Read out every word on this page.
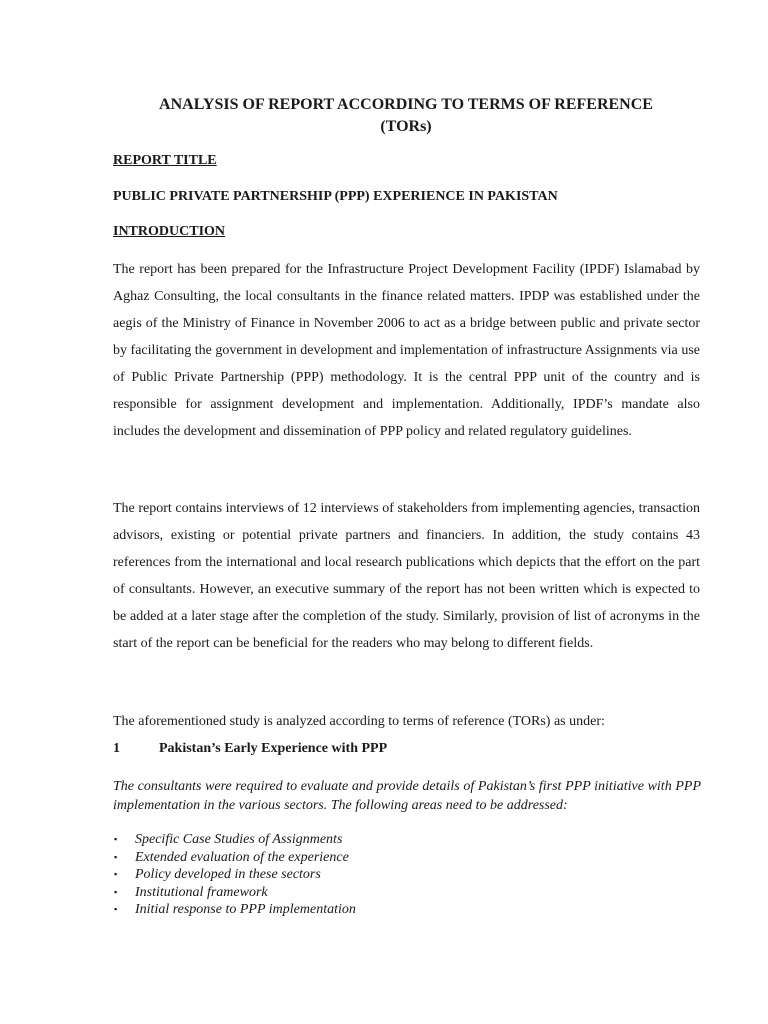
ANALYSIS OF REPORT ACCORDING TO TERMS OF REFERENCE
(TORs)

REPORT TITLE

PUBLIC PRIVATE PARTNERSHIP (PPP) EXPERIENCE IN PAKISTAN

INTRODUCTION

The report has been prepared for the Infrastructure Project Development Facility (IPDF) Islamabad by Aghaz Consulting, the local consultants in the finance related matters. IPDP was established under the aegis of the Ministry of Finance in November 2006 to act as a bridge between public and private sector by facilitating the government in development and implementation of infrastructure Assignments via use of Public Private Partnership (PPP) methodology. It is the central PPP unit of the country and is responsible for assignment development and implementation. Additionally, IPDF’s mandate also includes the development and dissemination of PPP policy and related regulatory guidelines.

The report contains interviews of 12 interviews of stakeholders from implementing agencies, transaction advisors, existing or potential private partners and financiers. In addition, the study contains 43 references from the international and local research publications which depicts that the effort on the part of consultants. However, an executive summary of the report has not been written which is expected to be added at a later stage after the completion of the study. Similarly, provision of list of acronyms in the start of the report can be beneficial for the readers who may belong to different fields.

The aforementioned study is analyzed according to terms of reference (TORs) as under:

1	Pakistan’s Early Experience with PPP

The consultants were required to evaluate and provide details of Pakistan’s first PPP initiative with PPP implementation in the various sectors. The following areas need to be addressed:

▪ Specific Case Studies of Assignments
▪ Extended evaluation of the experience
▪ Policy developed in these sectors
▪ Institutional framework
▪ Initial response to PPP implementation
